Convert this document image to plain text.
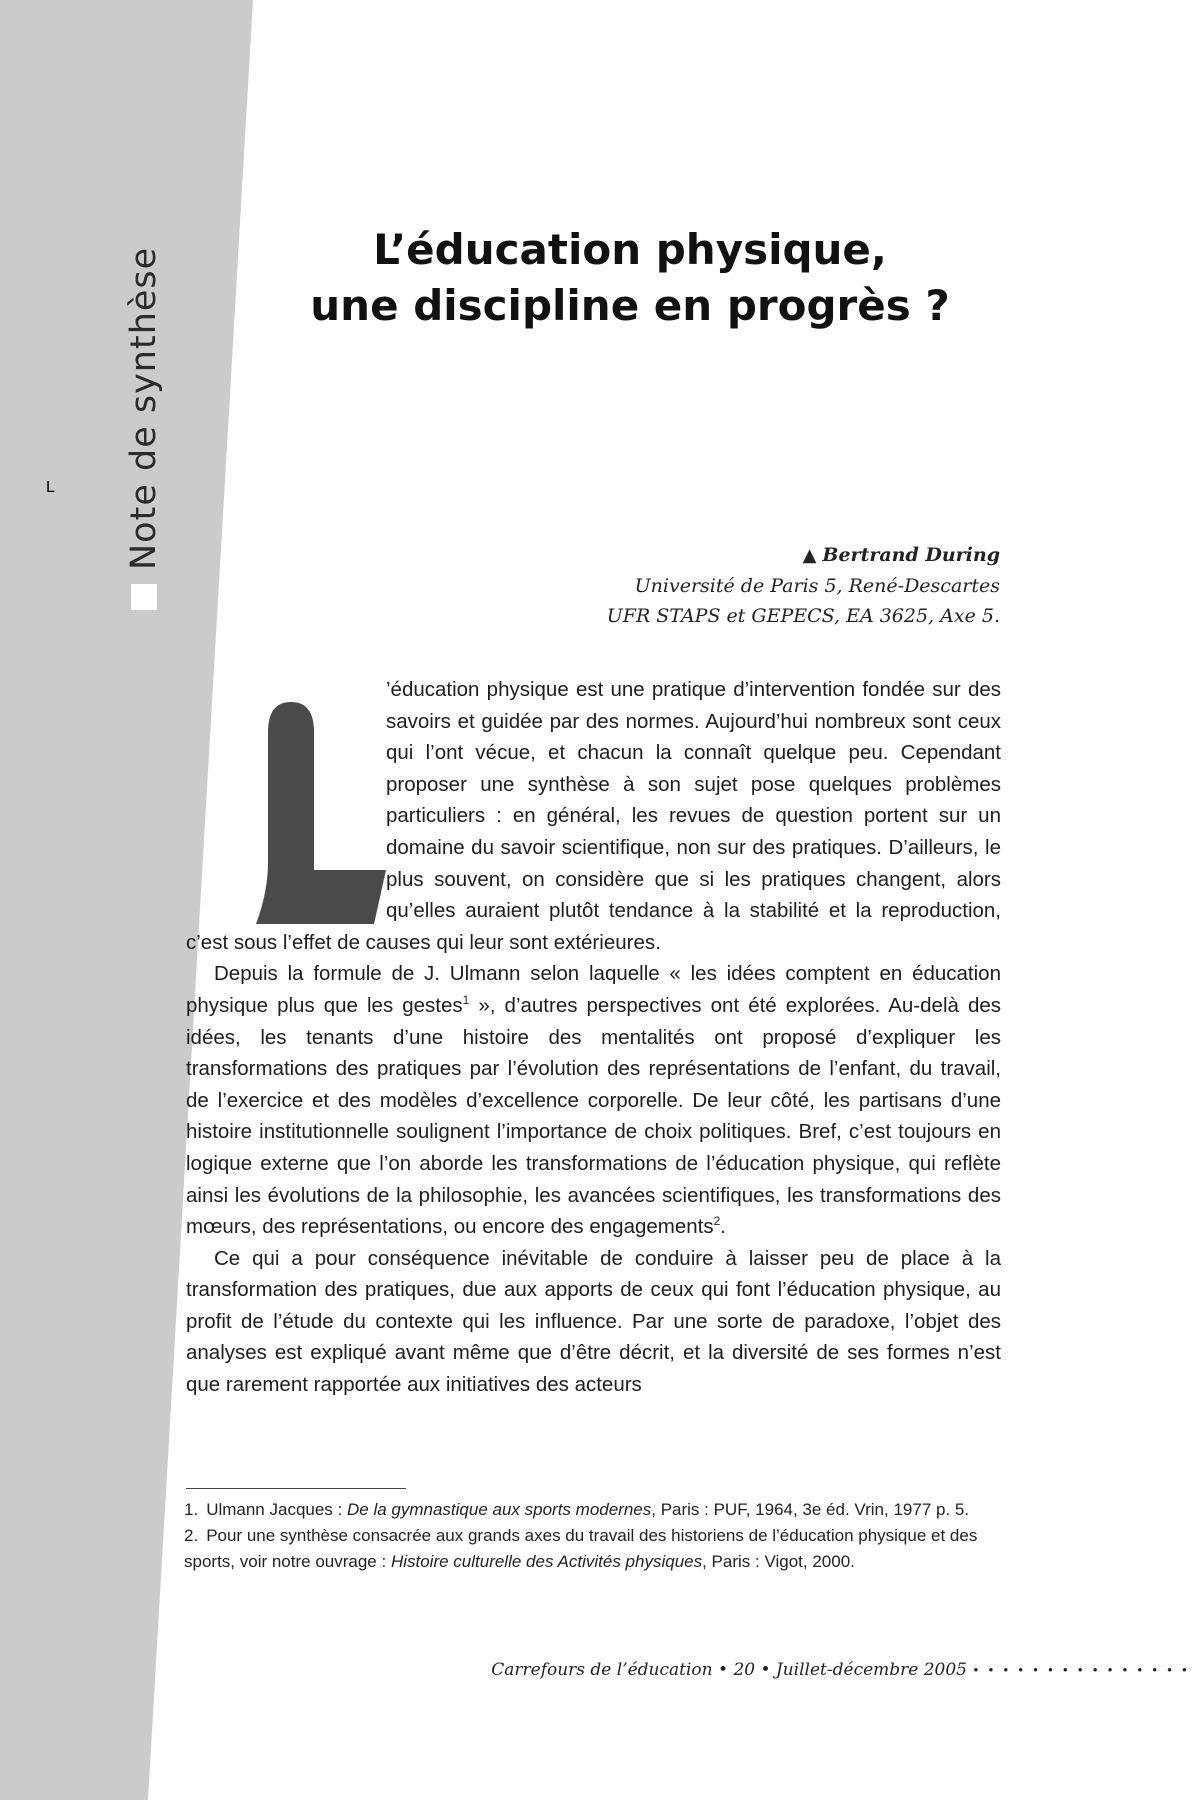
Note de synthèse	L’éducation physique,
une discipline en progrès ?
▲ Bertrand During
Université de Paris 5, René-Descartes
UFR STAPS et GEPECS, EA 3625, Axe 5.
L

’éducation physique est une pratique d’intervention fondée sur des savoirs et guidée par des normes. Aujourd’hui nombreux sont ceux qui l’ont vécue, et chacun la connaît quelque peu. Cependant proposer une synthèse à son sujet pose quelques problèmes particuliers : en général, les revues de question portent sur un domaine du savoir scientifique, non sur des pratiques. D’ailleurs, le plus souvent, on considère que si les pratiques changent, alors qu’elles auraient plutôt tendance à la stabilité et la reproduction, c’est sous l’effet de causes qui leur sont extérieures.

Depuis la formule de J. Ulmann selon laquelle « les idées comptent en éducation physique plus que les gestes$^1$ », d’autres perspectives ont été explorées. Au-delà des idées, les tenants d’une histoire des mentalités ont proposé d’expliquer les transformations des pratiques par l’évolution des représentations de l’enfant, du travail, de l’exercice et des modèles d’excellence corporelle. De leur côté, les partisans d’une histoire institutionnelle soulignent l’importance de choix politiques. Bref, c’est toujours en logique externe que l’on aborde les transformations de l’éducation physique, qui reflète ainsi les évolutions de la philosophie, les avancées scientifiques, les transformations des mœurs, des représentations, ou encore des engagements$^2$.

Ce qui a pour conséquence inévitable de conduire à laisser peu de place à la transformation des pratiques, due aux apports de ceux qui font l’éducation physique, au profit de l’étude du contexte qui les influence. Par une sorte de paradoxe, l’objet des analyses est expliqué avant même que d’être décrit, et la diversité de ses formes n’est que rarement rapportée aux initiatives des acteurs

1. Ulmann Jacques : De la gymnastique aux sports modernes, Paris : PUF, 1964, 3e éd. Vrin, 1977 p. 5.

2. Pour une synthèse consacrée aux grands axes du travail des historiens de l’éducation physique et des sports, voir notre ouvrage : Histoire culturelle des Activités physiques, Paris : Vigot, 2000.

Carrefours de l’éducation • 20 • Juillet-décembre 2005 • • • • • • • • • • • • • • •
